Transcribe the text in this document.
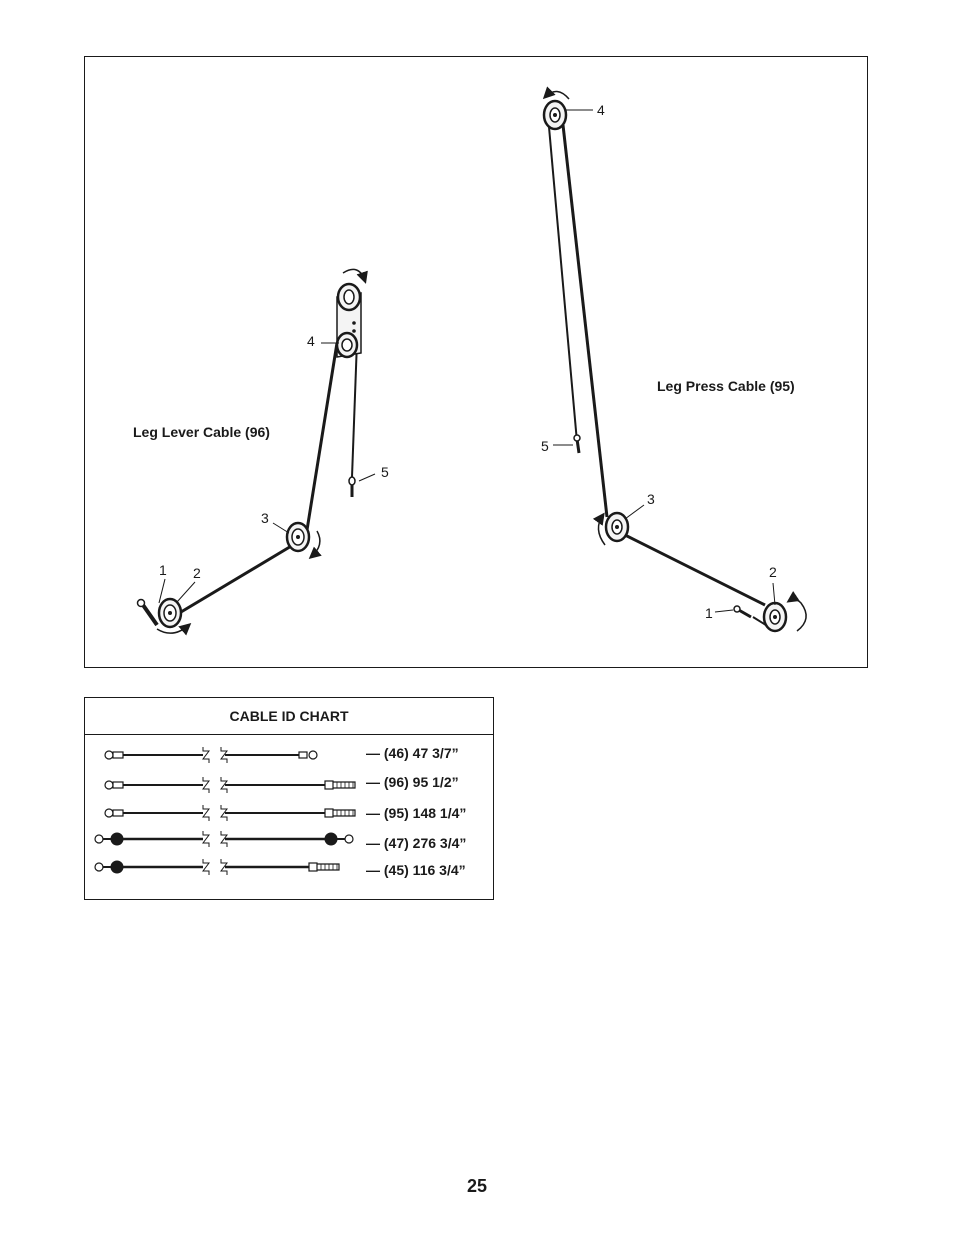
Leg Lever Cable (96)
Leg Press Cable (95)
1 2
3
4
5
1
2
3
4
5
CABLE ID CHART
— (46) 47 3/7”
— (96) 95 1/2”
— (95) 148 1/4”
— (47) 276 3/4”
— (45) 116 3/4”
25
